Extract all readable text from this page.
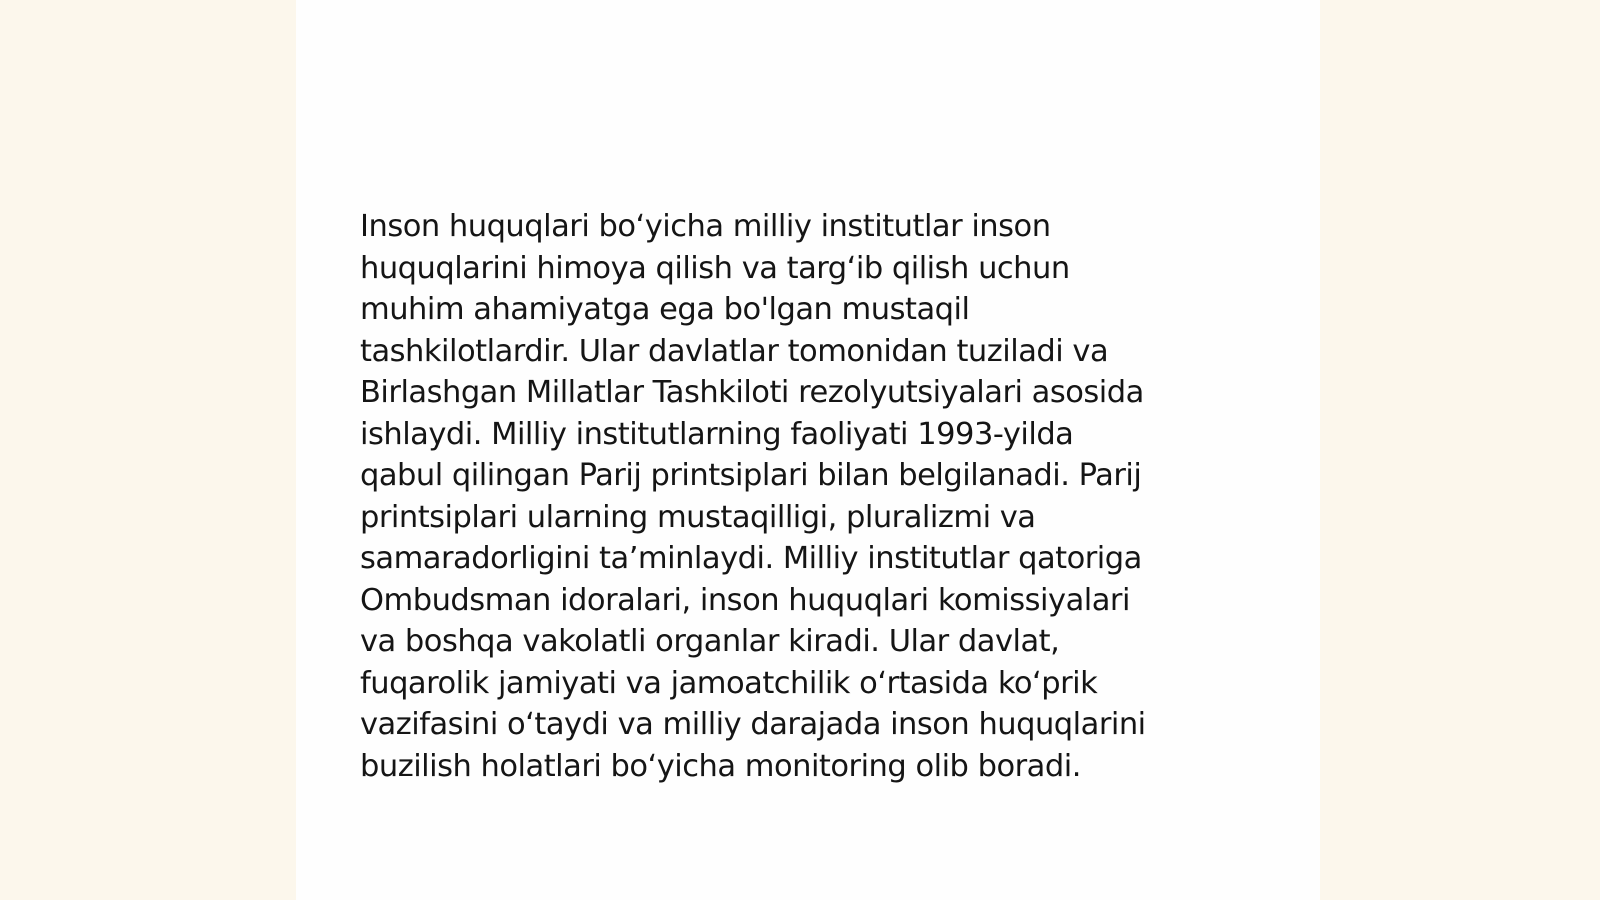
Inson huquqlari bo‘yicha milliy institutlar inson
huquqlarini himoya qilish va targ‘ib qilish uchun
muhim ahamiyatga ega bo'lgan mustaqil
tashkilotlardir. Ular davlatlar tomonidan tuziladi va
Birlashgan Millatlar Tashkiloti rezolyutsiyalari asosida
ishlaydi. Milliy institutlarning faoliyati 1993-yilda
qabul qilingan Parij printsiplari bilan belgilanadi. Parij
printsiplari ularning mustaqilligi, pluralizmi va
samaradorligini ta’minlaydi. Milliy institutlar qatoriga
Ombudsman idoralari, inson huquqlari komissiyalari
va boshqa vakolatli organlar kiradi. Ular davlat,
fuqarolik jamiyati va jamoatchilik o‘rtasida ko‘prik
vazifasini o‘taydi va milliy darajada inson huquqlarini
buzilish holatlari bo‘yicha monitoring olib boradi.
